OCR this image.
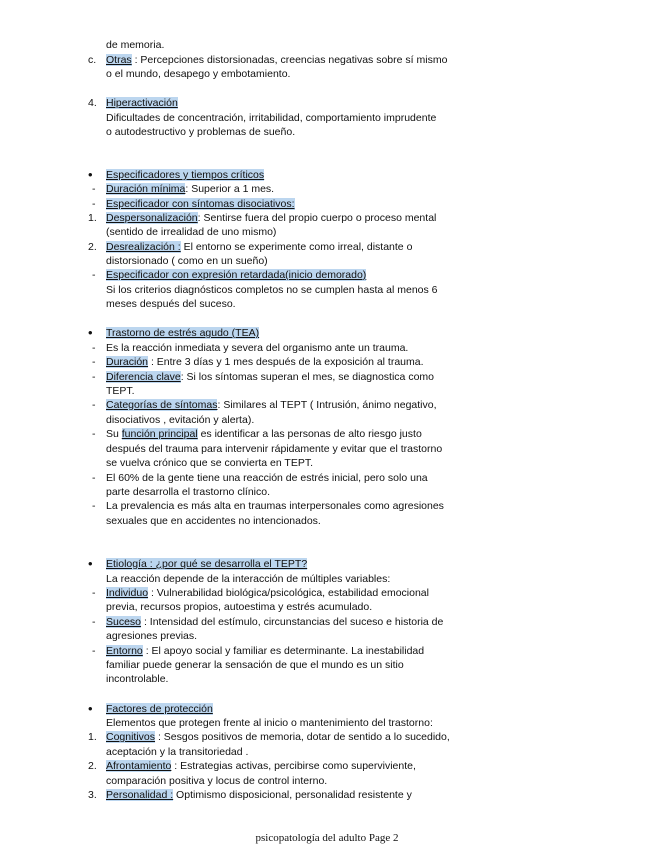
de memoria.
c. Otras : Percepciones distorsionadas, creencias negativas sobre sí mismo
o el mundo, desapego y embotamiento.
4. Hiperactivación
Dificultades de concentración, irritabilidad, comportamiento imprudente
o autodestructivo y problemas de sueño.
• Especificadores y tiempos críticos
- Duración mínima: Superior a 1 mes.
- Especificador con síntomas disociativos:
1. Despersonalización: Sentirse fuera del propio cuerpo o proceso mental
(sentido de irrealidad de uno mismo)
2. Desrealización : El entorno se experimente como irreal, distante o
distorsionado ( como en un sueño)
- Especificador con expresión retardada(inicio demorado)
Si los criterios diagnósticos completos no se cumplen hasta al menos 6
meses después del suceso.
• Trastorno de estrés agudo (TEA)
- Es la reacción inmediata y severa del organismo ante un trauma.
- Duración : Entre 3 días y 1 mes después de la exposición al trauma.
- Diferencia clave: Si los síntomas superan el mes, se diagnostica como
TEPT.
- Categorías de síntomas: Similares al TEPT ( Intrusión, ánimo negativo,
disociativos , evitación y alerta).
- Su función principal es identificar a las personas de alto riesgo justo
después del trauma para intervenir rápidamente y evitar que el trastorno
se vuelva crónico que se convierta en TEPT.
- El 60% de la gente tiene una reacción de estrés inicial, pero solo una
parte desarrolla el trastorno clínico.
- La prevalencia es más alta en traumas interpersonales como agresiones
sexuales que en accidentes no intencionados.
• Etiología : ¿por qué se desarrolla el TEPT?
La reacción depende de la interacción de múltiples variables:
- Individuo : Vulnerabilidad biológica/psicológica, estabilidad emocional
previa, recursos propios, autoestima y estrés acumulado.
- Suceso : Intensidad del estímulo, circunstancias del suceso e historia de
agresiones previas.
- Entorno : El apoyo social y familiar es determinante. La inestabilidad
familiar puede generar la sensación de que el mundo es un sitio
incontrolable.
• Factores de protección
Elementos que protegen frente al inicio o mantenimiento del trastorno:
1. Cognitivos : Sesgos positivos de memoria, dotar de sentido a lo sucedido,
aceptación y la transitoriedad .
2. Afrontamiento : Estrategias activas, percibirse como superviviente,
comparación positiva y locus de control interno.
3. Personalidad : Optimismo disposicional, personalidad resistente y
psicopatología del adulto Page 2
